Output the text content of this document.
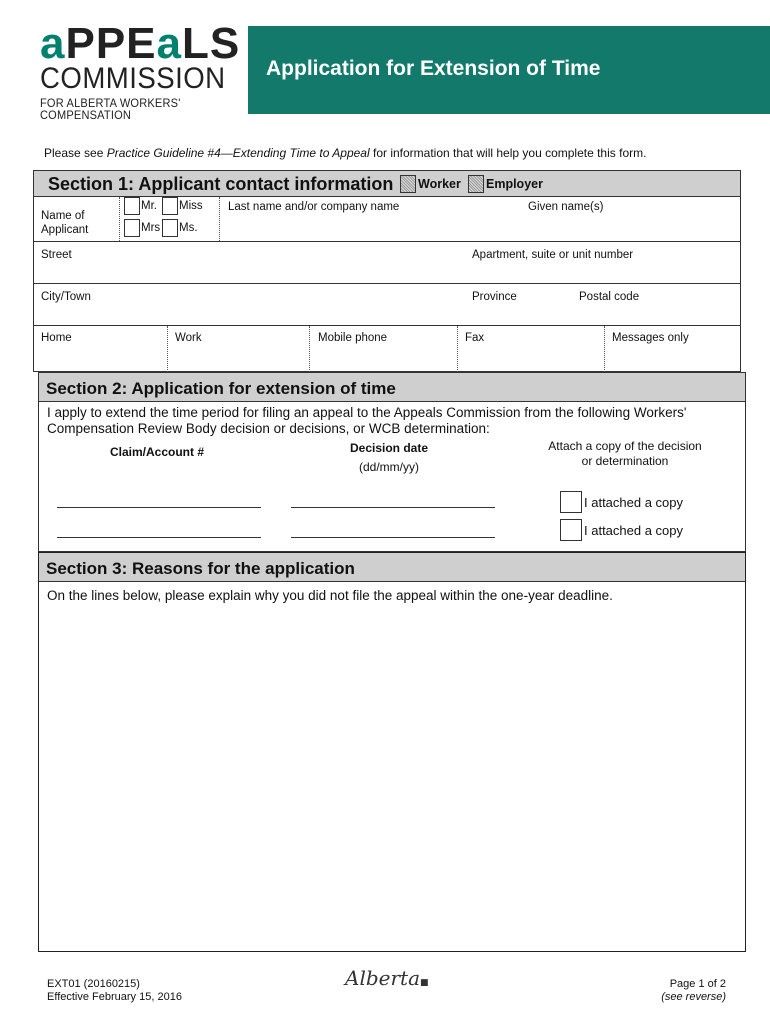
aPPEaLS
COMMISSION
FOR ALBERTA WORKERS' COMPENSATION
Application for Extension of Time
Please see Practice Guideline #4—Extending Time to Appeal for information that will help you complete this form.
Section 1: Applicant contact information Worker Employer
Name of Applicant
Mr. Miss
Mrs Ms.
Last name and/or company name	Given name(s)
Street	Apartment, suite or unit number
City/Town	Province	Postal code
Home	Work	Mobile phone	Fax	Messages only
Section 2: Application for extension of time
I apply to extend the time period for filing an appeal to the Appeals Commission from the following Workers' Compensation Review Body decision or decisions, or WCB determination:
Claim/Account #	Decision date
(dd/mm/yy)
Attach a copy of the decision or determination
I attached a copy
I attached a copy
Section 3: Reasons for the application
On the lines below, please explain why you did not file the appeal within the one-year deadline.
EXT01 (20160215)
Effective February 15, 2016
Alberta■	Page 1 of 2
(see reverse)
